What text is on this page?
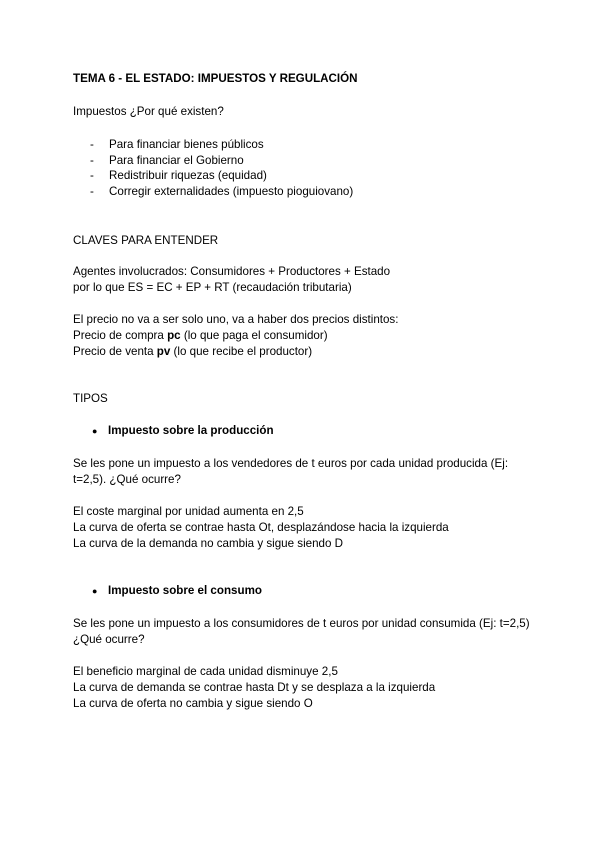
TEMA 6 - EL ESTADO: IMPUESTOS Y REGULACIÓN
Impuestos ¿Por qué existen?
-	Para financiar bienes públicos
-	Para financiar el Gobierno
-	Redistribuir riquezas (equidad)
-	Corregir externalidades (impuesto pioguiovano)
CLAVES PARA ENTENDER
Agentes involucrados: Consumidores + Productores + Estado
por lo que ES = EC + EP + RT (recaudación tributaria)
El precio no va a ser solo uno, va a haber dos precios distintos:
Precio de compra pc (lo que paga el consumidor)
Precio de venta pv (lo que recibe el productor)
TIPOS
● Impuesto sobre la producción
Se les pone un impuesto a los vendedores de t euros por cada unidad producida (Ej: t=2,5). ¿Qué ocurre?
El coste marginal por unidad aumenta en 2,5
La curva de oferta se contrae hasta Ot, desplazándose hacia la izquierda
La curva de la demanda no cambia y sigue siendo D
● Impuesto sobre el consumo
Se les pone un impuesto a los consumidores de t euros por unidad consumida (Ej: t=2,5) ¿Qué ocurre?
El beneficio marginal de cada unidad disminuye 2,5
La curva de demanda se contrae hasta Dt y se desplaza a la izquierda
La curva de oferta no cambia y sigue siendo O
